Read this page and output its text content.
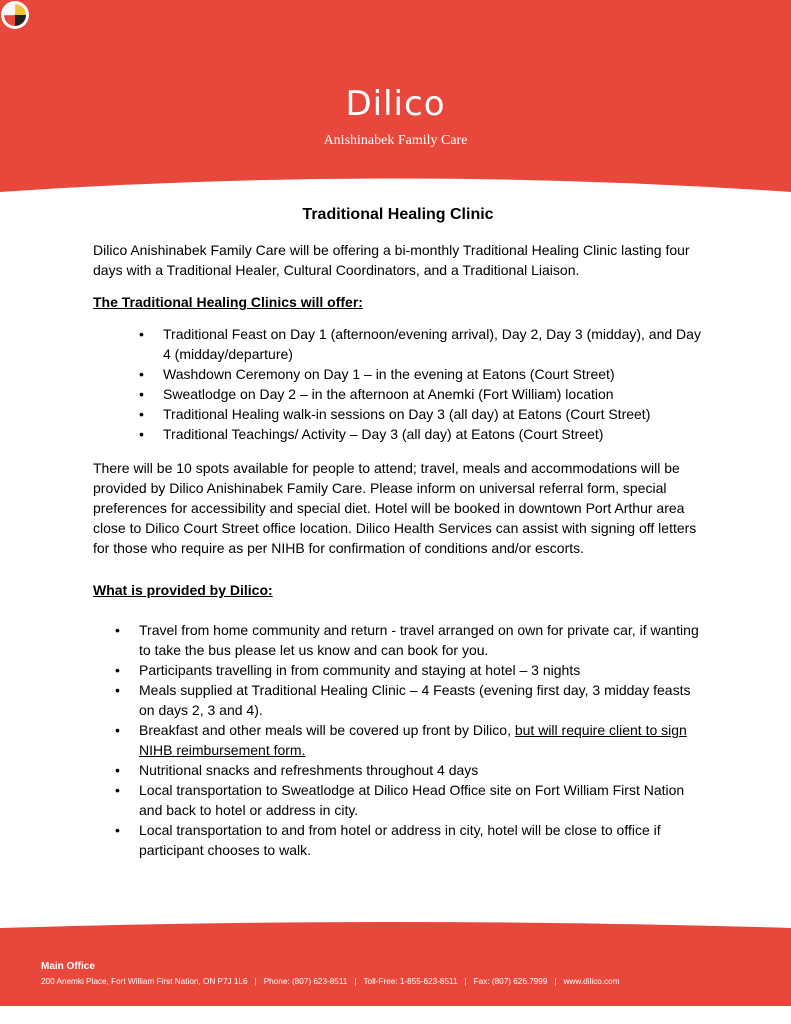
Dilico
Anishinabek Family Care
Traditional Healing Clinic

Dilico Anishinabek Family Care will be offering a bi-monthly Traditional Healing Clinic lasting four days with a Traditional Healer, Cultural Coordinators, and a Traditional Liaison.

The Traditional Healing Clinics will offer:
• Traditional Feast on Day 1 (afternoon/evening arrival), Day 2, Day 3 (midday), and Day 4 (midday/departure)
• Washdown Ceremony on Day 1 – in the evening at Eatons (Court Street)
• Sweatlodge on Day 2 – in the afternoon at Anemki (Fort William) location
• Traditional Healing walk-in sessions on Day 3 (all day) at Eatons (Court Street)
• Traditional Teachings/ Activity – Day 3 (all day) at Eatons (Court Street)

There will be 10 spots available for people to attend; travel, meals and accommodations will be provided by Dilico Anishinabek Family Care. Please inform on universal referral form, special preferences for accessibility and special diet. Hotel will be booked in downtown Port Arthur area close to Dilico Court Street office location. Dilico Health Services can assist with signing off letters for those who require as per NIHB for confirmation of conditions and/or escorts.

What is provided by Dilico:
• Travel from home community and return - travel arranged on own for private car, if wanting to take the bus please let us know and can book for you.
• Participants travelling in from community and staying at hotel – 3 nights
• Meals supplied at Traditional Healing Clinic – 4 Feasts (evening first day, 3 midday feasts on days 2, 3 and 4).
• Breakfast and other meals will be covered up front by Dilico, but will require client to sign NIHB reimbursement form.
• Nutritional snacks and refreshments throughout 4 days
• Local transportation to Sweatlodge at Dilico Head Office site on Fort William First Nation and back to hotel or address in city.
• Local transportation to and from hotel or address in city, hotel will be close to office if participant chooses to walk.
Main Office
200 Anemki Place, Fort William First Nation, ON P7J 1L6 | Phone: (807) 623-8511 | Toll-Free: 1-855-623-8511 | Fax: (807) 626.7999 | www.dilico.com
